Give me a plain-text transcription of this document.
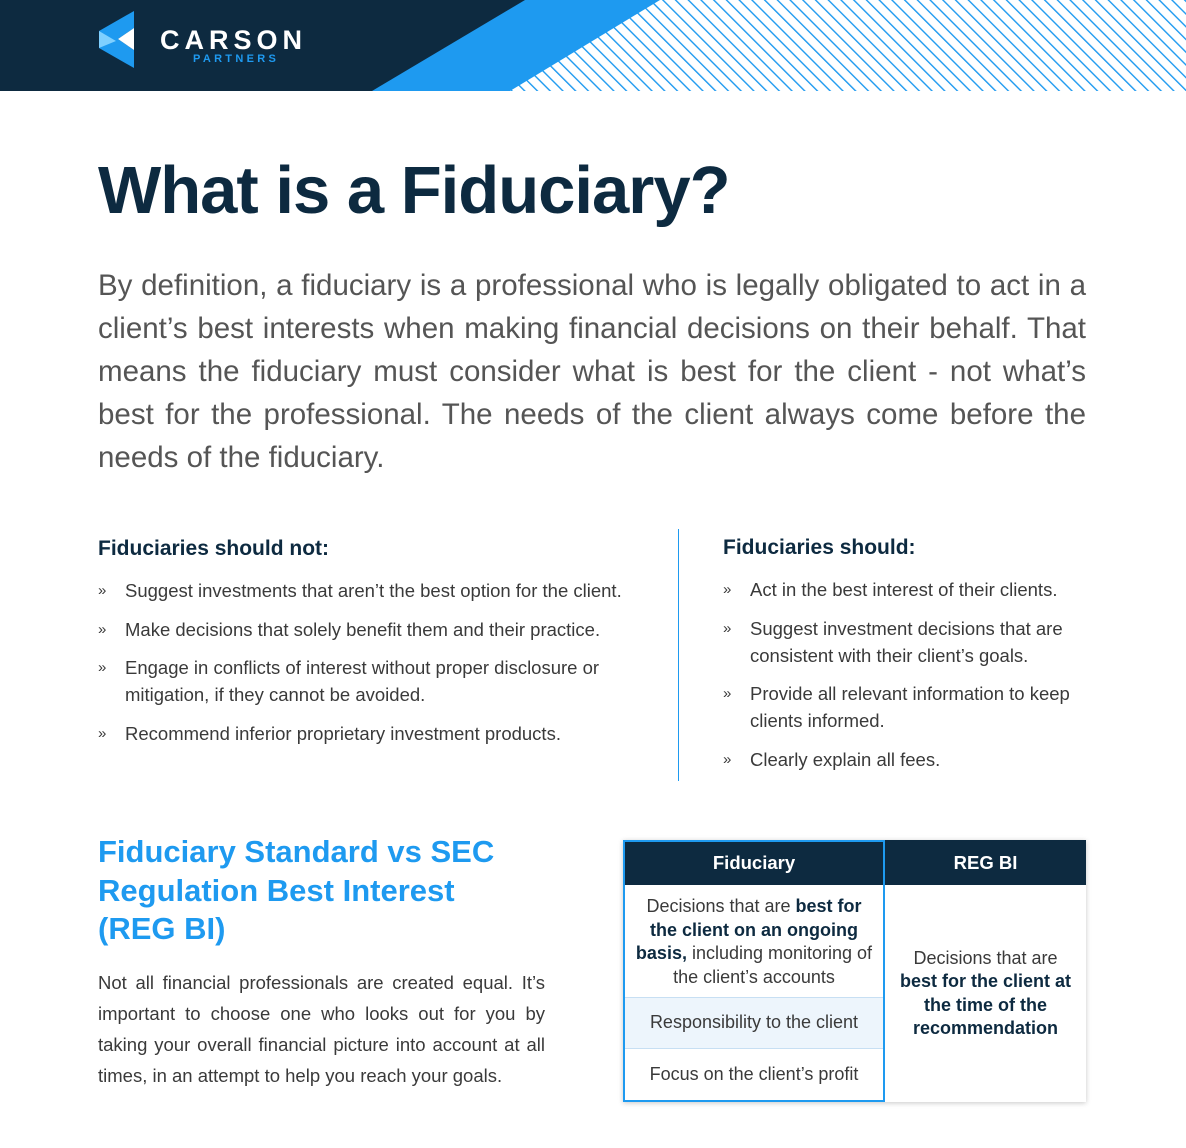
CARSON
PARTNERS
What is a Fiduciary?

By definition, a fiduciary is a professional who is legally obligated to act in a client’s best interests when making financial decisions on their behalf. That means the fiduciary must consider what is best for the client - not what’s best for the professional. The needs of the client always come before the needs of the fiduciary.

Fiduciaries should not:
» Suggest investments that aren’t the best option for the client.
» Make decisions that solely benefit them and their practice.
» Engage in conflicts of interest without proper disclosure or mitigation, if they cannot be avoided.
» Recommend inferior proprietary investment products.
Fiduciaries should:
» Act in the best interest of their clients.
» Suggest investment decisions that are consistent with their client’s goals.
» Provide all relevant information to keep clients informed.
» Clearly explain all fees.
Fiduciary Standard vs SEC Regulation Best Interest (REG BI)

Not all financial professionals are created equal. It’s important to choose one who looks out for you by taking your overall financial picture into account at all times, in an attempt to help you reach your goals.

Fiduciary	REG BI
Decisions that are best for the client on an ongoing basis, including monitoring of the client’s accounts
Responsibility to the client
Focus on the client’s profit
Decisions that are best for the client at the time of the recommendation
